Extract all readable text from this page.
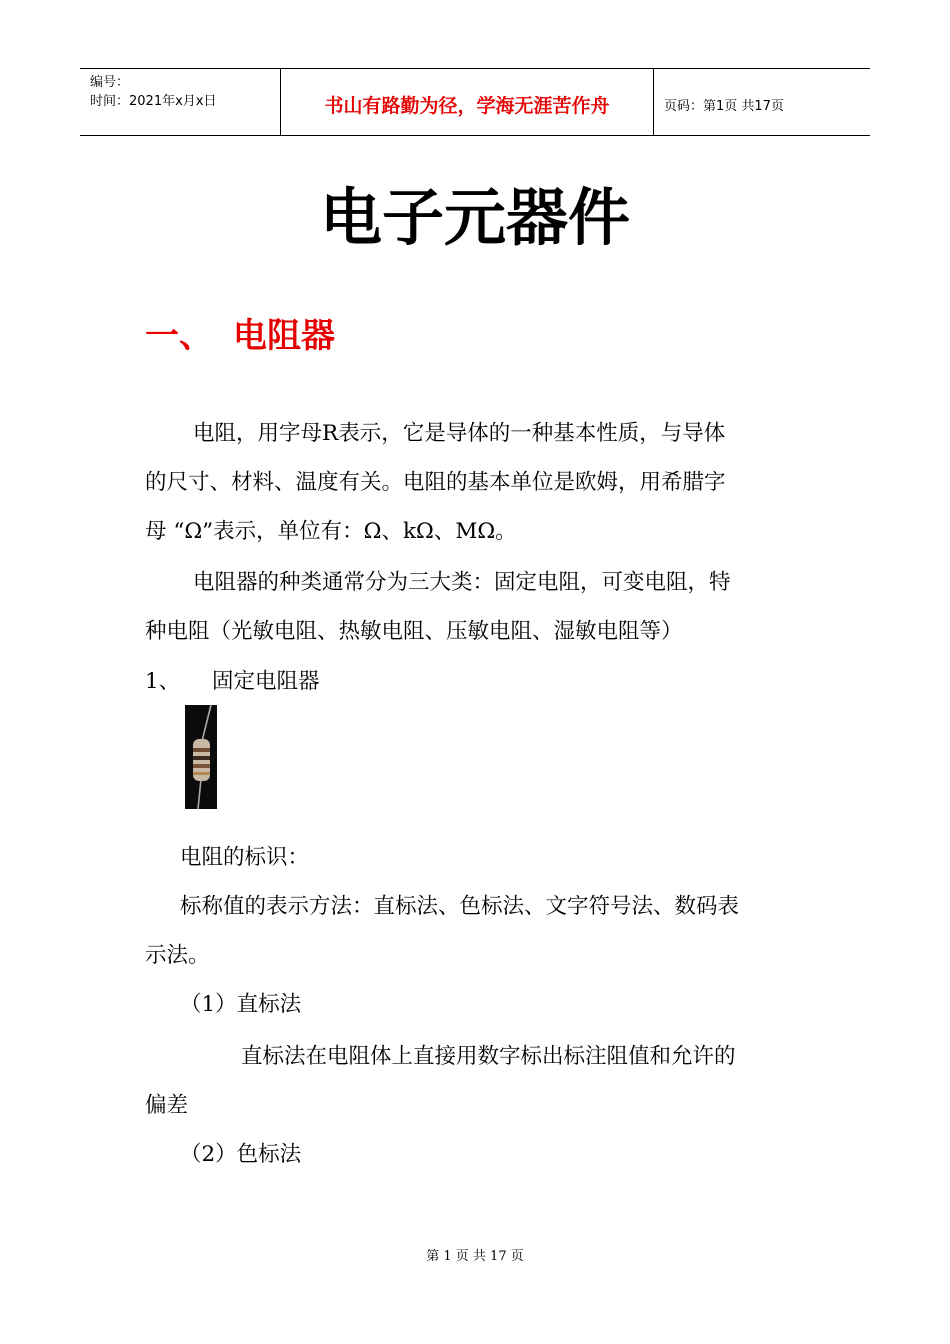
编号：
时间：2021年x月x日	书山有路勤为径，学海无涯苦作舟	页码：第1页 共17页
电子元器件
一、 电阻器
电阻，用字母R表示，它是导体的一种基本性质，与导体
的尺寸、材料、温度有关。电阻的基本单位是欧姆，用希腊字
母 “Ω”表示，单位有：Ω、kΩ、MΩ。
电阻器的种类通常分为三大类：固定电阻，可变电阻，特
种电阻（光敏电阻、热敏电阻、压敏电阻、湿敏电阻等）
1、 固定电阻器
电阻的标识：
标称值的表示方法：直标法、色标法、文字符号法、数码表
示法。
（1）直标法
直标法在电阻体上直接用数字标出标注阻值和允许的
偏差
（2）色标法
第 1 页 共 17 页
